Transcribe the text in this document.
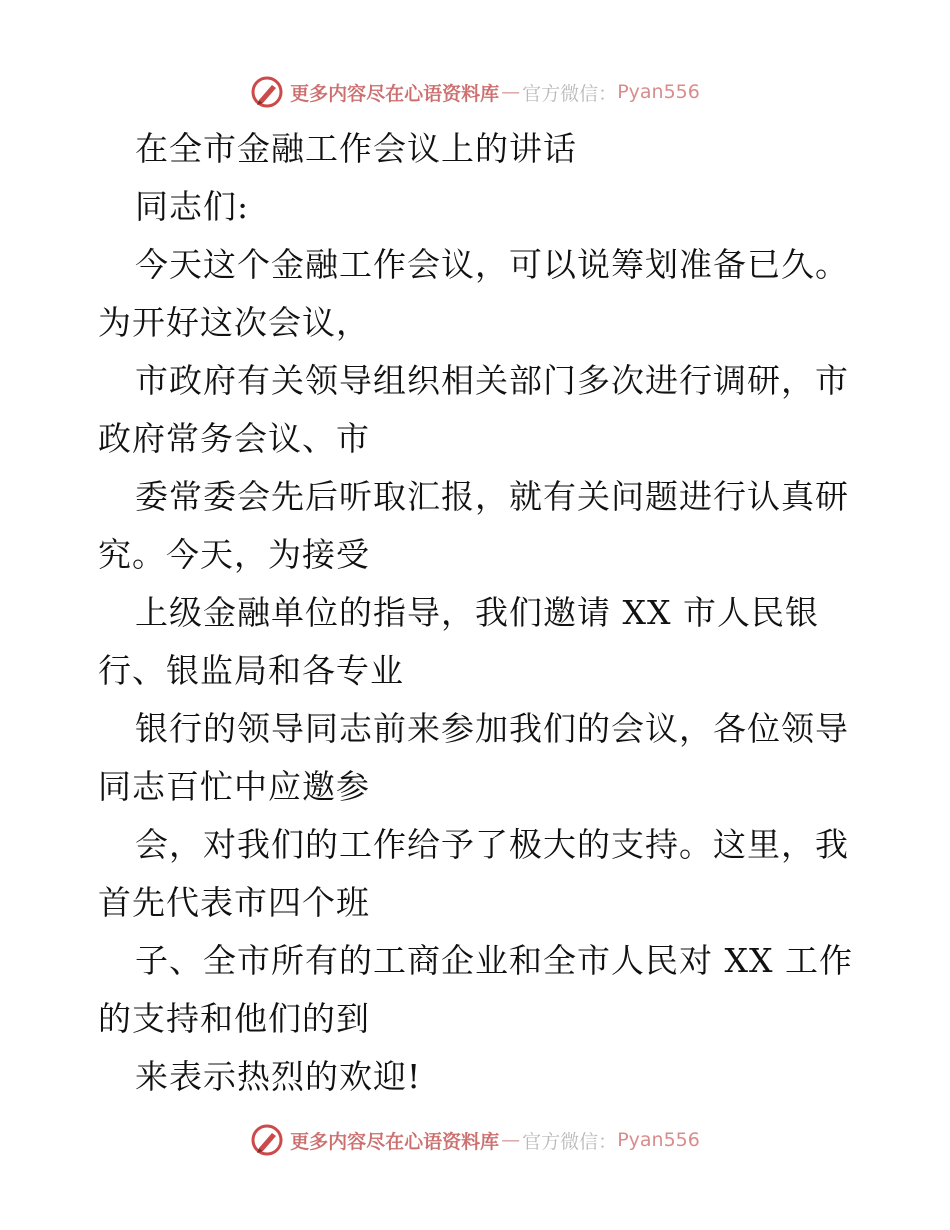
更多内容尽在心语资料库 — 官方微信： Pyan556
在全市金融工作会议上的讲话
同志们:
今天这个金融工作会议，可以说筹划准备已久。
为开好这次会议，
市政府有关领导组织相关部门多次进行调研，市
政府常务会议、市
委常委会先后听取汇报，就有关问题进行认真研
究。今天，为接受
上级金融单位的指导，我们邀请 XX 市人民银
行、银监局和各专业
银行的领导同志前来参加我们的会议，各位领导
同志百忙中应邀参
会，对我们的工作给予了极大的支持。这里，我
首先代表市四个班
子、全市所有的工商企业和全市人民对 XX 工作
的支持和他们的到
来表示热烈的欢迎!
更多内容尽在心语资料库 — 官方微信： Pyan556
